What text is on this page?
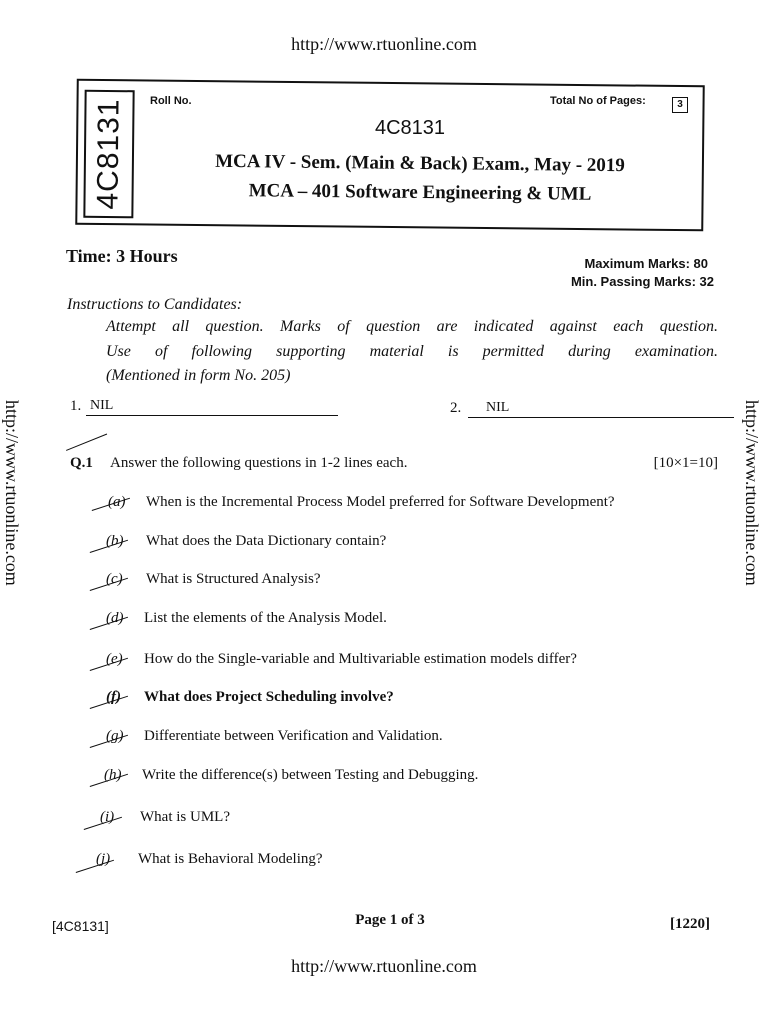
http://www.rtuonline.com
http://www.rtuonline.com
http://www.rtuonline.com	http://www.rtuonline.com
4C8131 Roll No.	Total No of Pages:	3
4C8131
MCA IV - Sem. (Main & Back) Exam., May - 2019
MCA – 401 Software Engineering & UML
Time: 3 Hours	Maximum Marks: 80
Min. Passing Marks: 32
Instructions to Candidates:
Attempt all question. Marks of question are indicated against each question.
Use of following supporting material is permitted during examination.
(Mentioned in form No. 205)
1. NIL	2.	NIL
Q.1 Answer the following questions in 1-2 lines each.	[10×1=10]
(a) When is the Incremental Process Model preferred for Software Development?
(b) What does the Data Dictionary contain?
(c) What is Structured Analysis?
(d) List the elements of the Analysis Model.
(e) How do the Single-variable and Multivariable estimation models differ?
(f) What does Project Scheduling involve?
(g) Differentiate between Verification and Validation.
(h) Write the difference(s) between Testing and Debugging.
(i) What is UML?
(j) What is Behavioral Modeling?
[4C8131]	Page 1 of 3	[1220]
